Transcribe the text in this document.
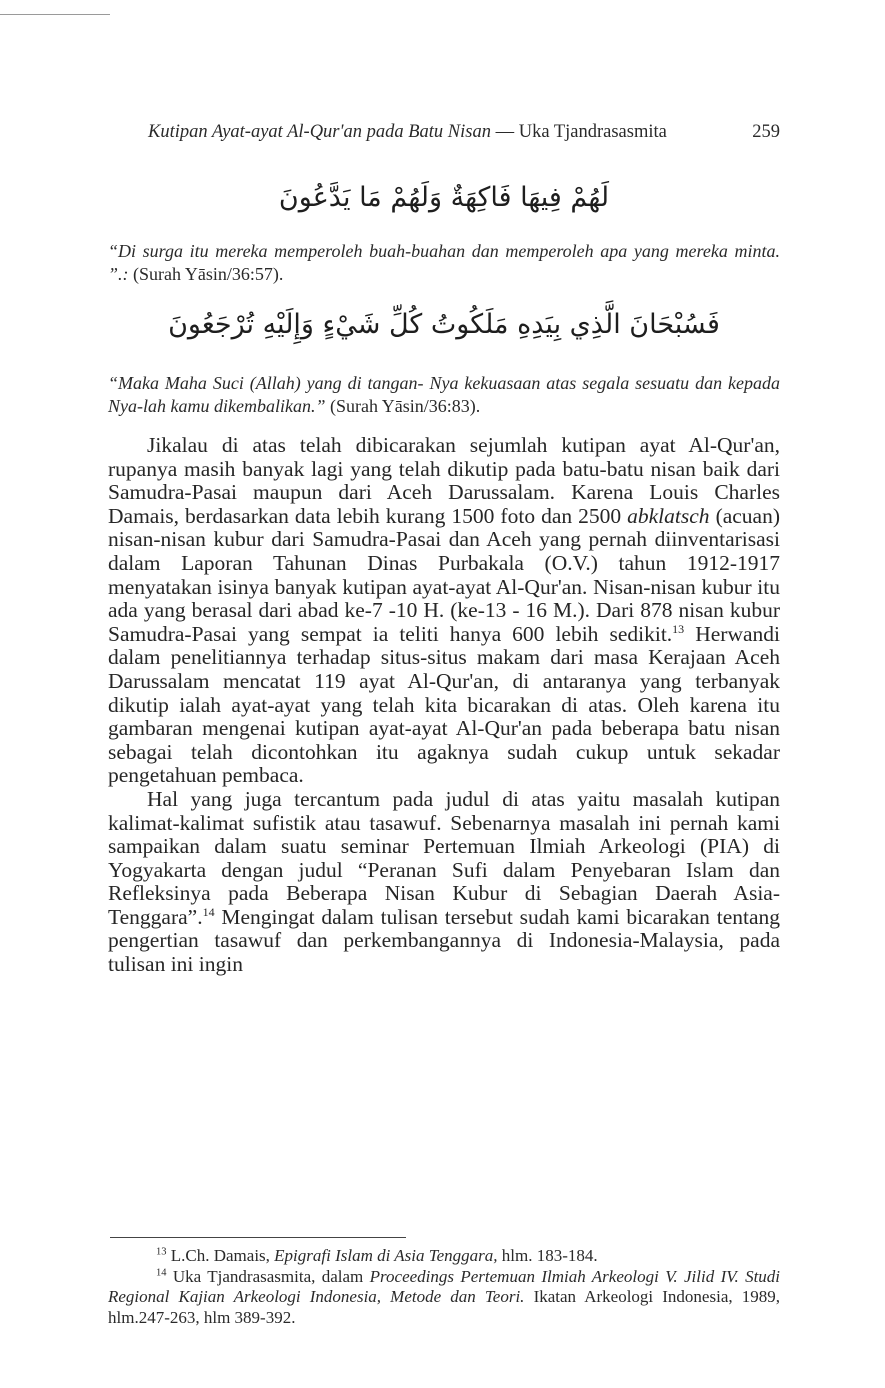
Kutipan Ayat-ayat Al-Qur'an pada Batu Nisan — Uka Tjandrasasmita	259
لَهُمْ فِيهَا فَاكِهَةٌ وَلَهُمْ مَا يَدَّعُونَ
“Di surga itu mereka memperoleh buah-buahan dan memperoleh apa yang mereka minta. ”.: (Surah Yāsin/36:57).
فَسُبْحَانَ الَّذِي بِيَدِهِ مَلَكُوتُ كُلِّ شَيْءٍ وَإِلَيْهِ تُرْجَعُونَ
“Maka Maha Suci (Allah) yang di tangan- Nya kekuasaan atas segala sesuatu dan kepada Nya-lah kamu dikembalikan.” (Surah Yāsin/36:83).

Jikalau di atas telah dibicarakan sejumlah kutipan ayat Al-Qur'an, rupanya masih banyak lagi yang telah dikutip pada batu-batu nisan baik dari Samudra-Pasai maupun dari Aceh Darussalam. Karena Louis Charles Damais, berdasarkan data lebih kurang 1500 foto dan 2500 abklatsch (acuan) nisan-nisan kubur dari Samudra-Pasai dan Aceh yang pernah diinventarisasi dalam Laporan Tahunan Dinas Purbakala (O.V.) tahun 1912-1917 menyatakan isinya banyak kutipan ayat-ayat Al-Qur'an. Nisan-nisan kubur itu ada yang berasal dari abad ke-7 -10 H. (ke-13 - 16 M.). Dari 878 nisan kubur Samudra-Pasai yang sempat ia teliti hanya 600 lebih sedikit.$^{13}$ Herwandi dalam penelitiannya terhadap situs-situs makam dari masa Kerajaan Aceh Darussalam mencatat 119 ayat Al-Qur'an, di antaranya yang terbanyak dikutip ialah ayat-ayat yang telah kita bicarakan di atas. Oleh karena itu gambaran mengenai kutipan ayat-ayat Al-Qur'an pada beberapa batu nisan sebagai telah dicontohkan itu agaknya sudah cukup untuk sekadar pengetahuan pembaca.

Hal yang juga tercantum pada judul di atas yaitu masalah kutipan kalimat-kalimat sufistik atau tasawuf. Sebenarnya masalah ini pernah kami sampaikan dalam suatu seminar Pertemuan Ilmiah Arkeologi (PIA) di Yogyakarta dengan judul “Peranan Sufi dalam Penyebaran Islam dan Refleksinya pada Beberapa Nisan Kubur di Sebagian Daerah Asia-Tenggara”.$^{14}$ Mengingat dalam tulisan tersebut sudah kami bicarakan tentang pengertian tasawuf dan perkembangannya di Indonesia-Malaysia, pada tulisan ini ingin

$^{13}$ L.Ch. Damais, Epigrafi Islam di Asia Tenggara, hlm. 183-184.

$^{14}$ Uka Tjandrasasmita, dalam Proceedings Pertemuan Ilmiah Arkeologi V. Jilid IV. Studi Regional Kajian Arkeologi Indonesia, Metode dan Teori. Ikatan Arkeologi Indonesia, 1989, hlm.247-263, hlm 389-392.
